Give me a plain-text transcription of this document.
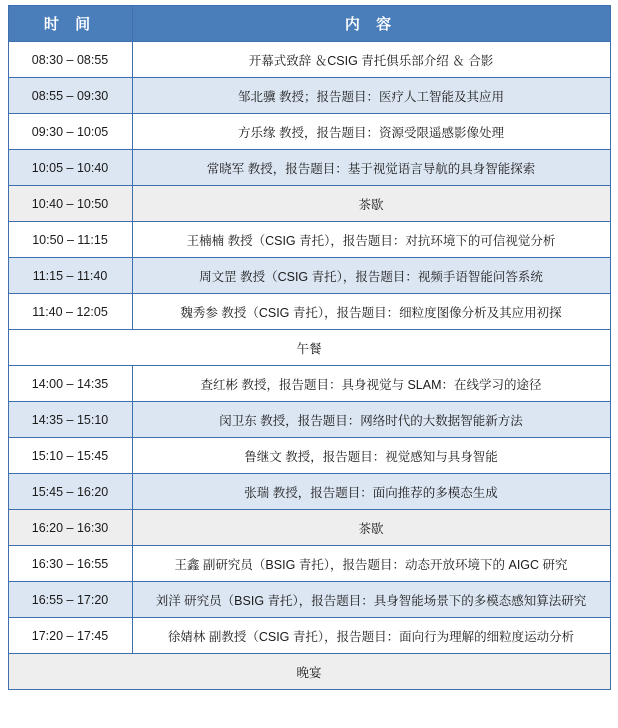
时 间	内 容
08:30 – 08:55	开幕式致辞 ＆CSIG 青托俱乐部介绍 ＆ 合影
08:55 – 09:30	邹北骥 教授；报告题目：医疗人工智能及其应用
09:30 – 10:05	方乐缘 教授，报告题目：资源受限遥感影像处理
10:05 – 10:40	常晓军 教授，报告题目：基于视觉语言导航的具身智能探索
10:40 – 10:50	茶歇
10:50 – 11:15	王楠楠 教授（CSIG 青托），报告题目：对抗环境下的可信视觉分析
11:15 – 11:40	周文罡 教授（CSIG 青托），报告题目：视频手语智能问答系统
11:40 – 12:05	魏秀参 教授（CSIG 青托），报告题目：细粒度图像分析及其应用初探
午餐	
14:00 – 14:35	查红彬 教授，报告题目：具身视觉与 SLAM：在线学习的途径
14:35 – 15:10	闵卫东 教授，报告题目：网络时代的大数据智能新方法
15:10 – 15:45	鲁继文 教授，报告题目：视觉感知与具身智能
15:45 – 16:20	张瑞 教授，报告题目：面向推荐的多模态生成
16:20 – 16:30	茶歇
16:30 – 16:55	王鑫 副研究员（BSIG 青托），报告题目：动态开放环境下的 AIGC 研究
16:55 – 17:20	刘洋 研究员（BSIG 青托），报告题目：具身智能场景下的多模态感知算法研究
17:20 – 17:45	徐婧林 副教授（CSIG 青托），报告题目：面向行为理解的细粒度运动分析
晚宴	
